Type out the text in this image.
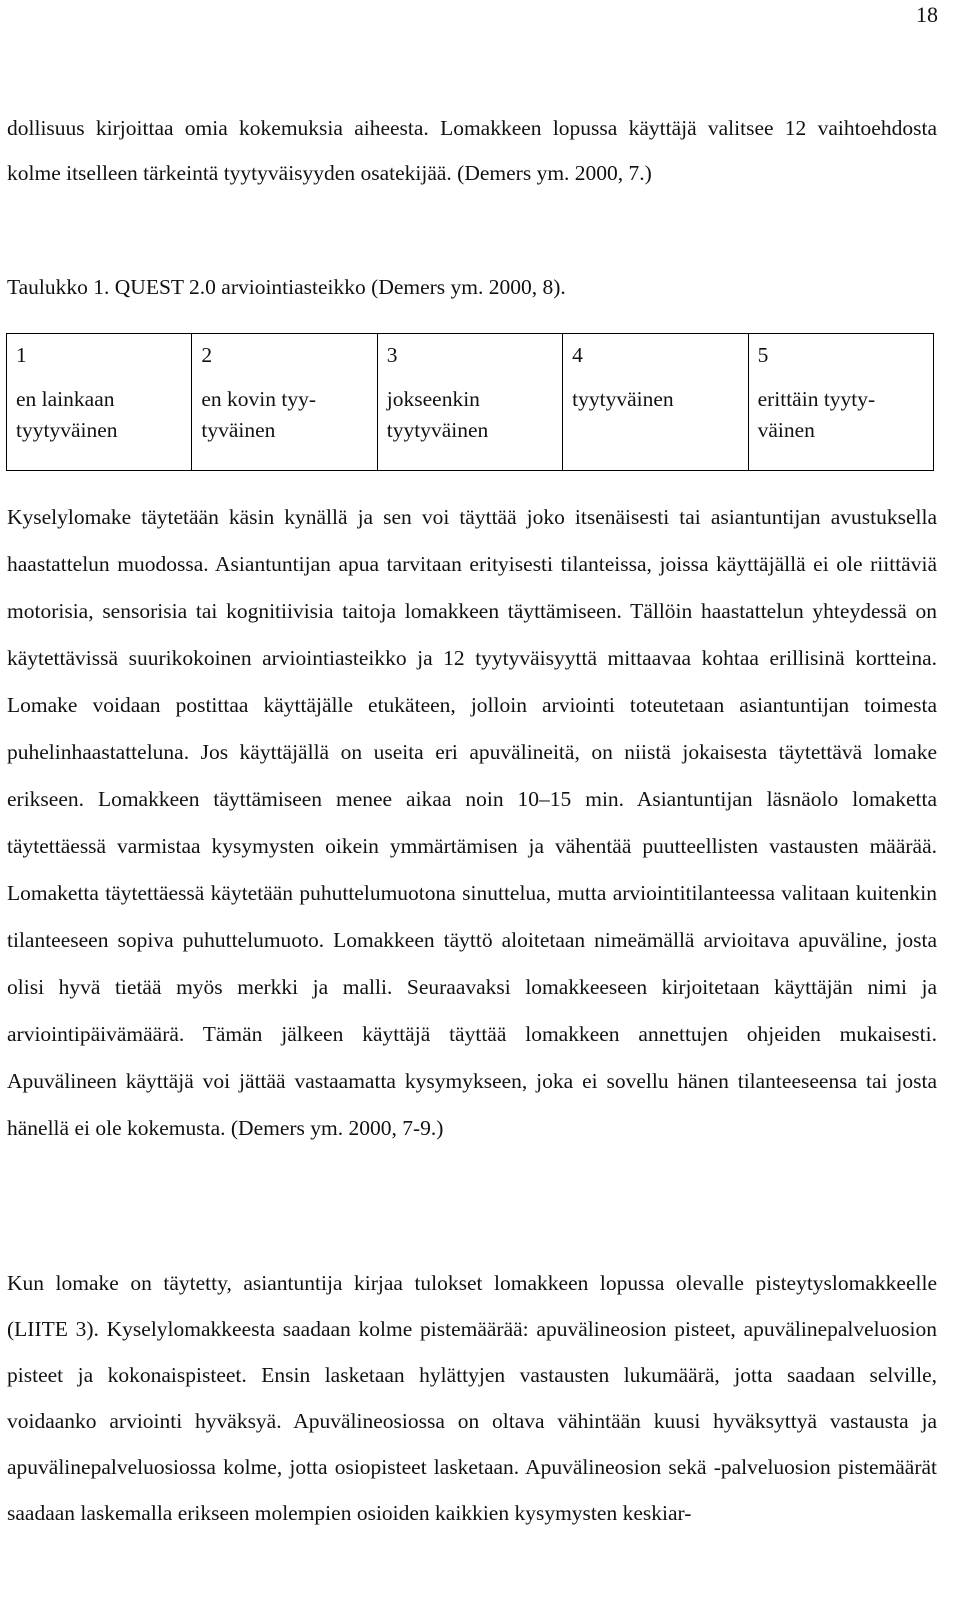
18

dollisuus kirjoittaa omia kokemuksia aiheesta. Lomakkeen lopussa käyttäjä valitsee 12 vaihtoehdosta kolme itselleen tärkeintä tyytyväisyyden osatekijää. (Demers ym. 2000, 7.)

Taulukko 1. QUEST 2.0 arviointiasteikko (Demers ym. 2000, 8).

1	2	3	4	5
en lainkaan tyytyväinen	en kovin tyy-tyväinen	jokseenkin tyytyväinen	tyytyväinen	erittäin tyyty-väinen

Kyselylomake täytetään käsin kynällä ja sen voi täyttää joko itsenäisesti tai asiantuntijan avustuksella haastattelun muodossa. Asiantuntijan apua tarvitaan erityisesti tilanteissa, joissa käyttäjällä ei ole riittäviä motorisia, sensorisia tai kognitiivisia taitoja lomakkeen täyttämiseen. Tällöin haastattelun yhteydessä on käytettävissä suurikokoinen arviointiasteikko ja 12 tyytyväisyyttä mittaavaa kohtaa erillisinä kortteina. Lomake voidaan postittaa käyttäjälle etukäteen, jolloin arviointi toteutetaan asiantuntijan toimesta puhelinhaastatteluna. Jos käyttäjällä on useita eri apuvälineitä, on niistä jokaisesta täytettävä lomake erikseen. Lomakkeen täyttämiseen menee aikaa noin 10–15 min. Asiantuntijan läsnäolo lomaketta täytettäessä varmistaa kysymysten oikein ymmärtämisen ja vähentää puutteellisten vastausten määrää. Lomaketta täytettäessä käytetään puhuttelumuotona sinuttelua, mutta arviointitilanteessa valitaan kuitenkin tilanteeseen sopiva puhuttelumuoto. Lomakkeen täyttö aloitetaan nimeämällä arvioitava apuväline, josta olisi hyvä tietää myös merkki ja malli. Seuraavaksi lomakkeeseen kirjoitetaan käyttäjän nimi ja arviointipäivämäärä. Tämän jälkeen käyttäjä täyttää lomakkeen annettujen ohjeiden mukaisesti. Apuvälineen käyttäjä voi jättää vastaamatta kysymykseen, joka ei sovellu hänen tilanteeseensa tai josta hänellä ei ole kokemusta. (Demers ym. 2000, 7-9.)

Kun lomake on täytetty, asiantuntija kirjaa tulokset lomakkeen lopussa olevalle pisteytyslomakkeelle (LIITE 3). Kyselylomakkeesta saadaan kolme pistemäärää: apuvälineosion pisteet, apuvälinepalveluosion pisteet ja kokonaispisteet. Ensin lasketaan hylättyjen vastausten lukumäärä, jotta saadaan selville, voidaanko arviointi hyväksyä. Apuvälineosiossa on oltava vähintään kuusi hyväksyttyä vastausta ja apuvälinepalveluosiossa kolme, jotta osiopisteet lasketaan. Apuvälineosion sekä -palveluosion pistemäärät saadaan laskemalla erikseen molempien osioiden kaikkien kysymysten keskiar-
